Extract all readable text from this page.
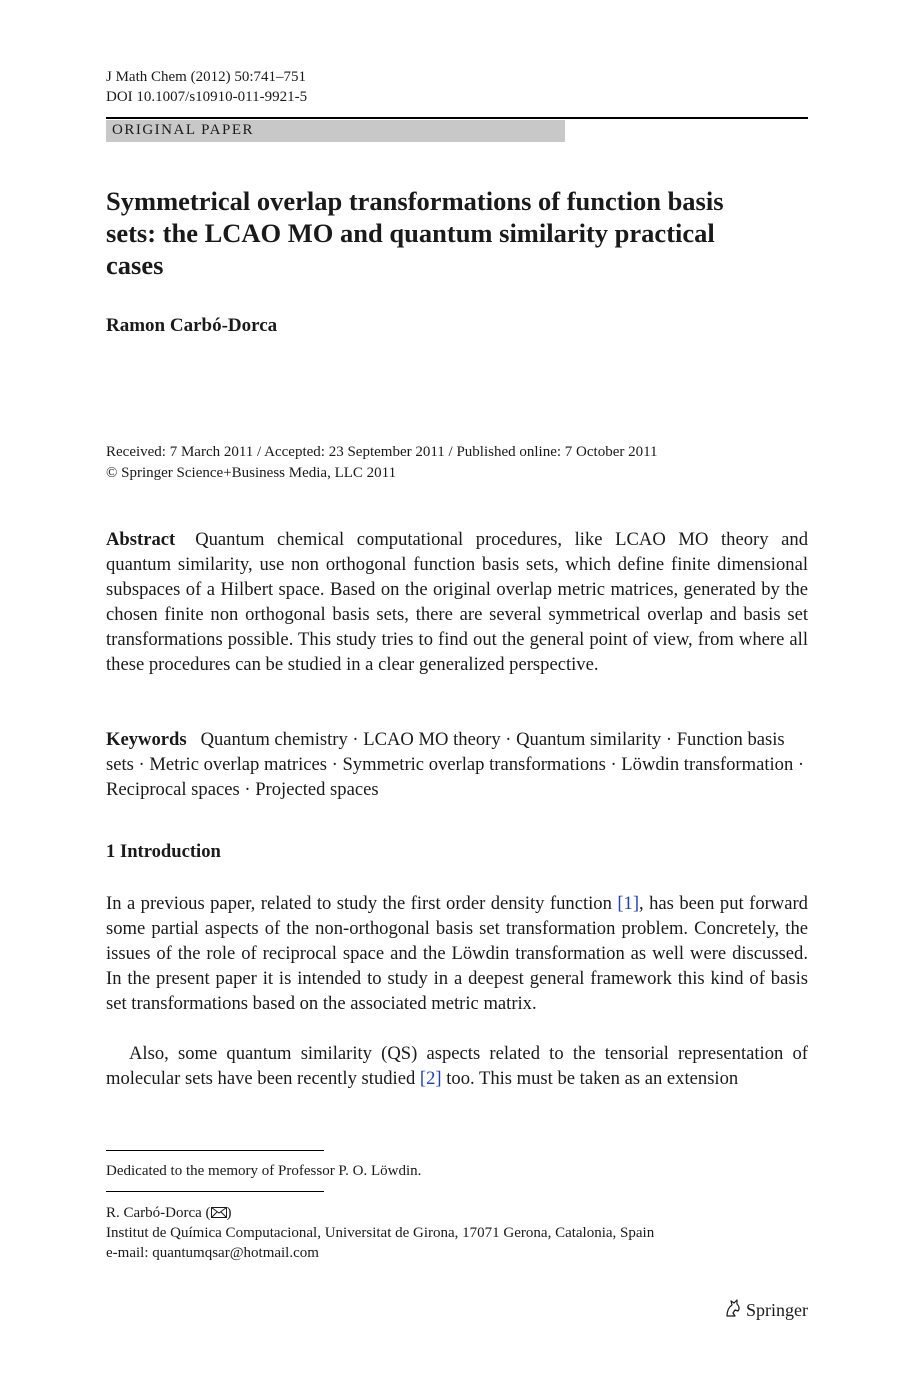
J Math Chem (2012) 50:741–751
DOI 10.1007/s10910-011-9921-5
ORIGINAL PAPER
Symmetrical overlap transformations of function basis sets: the LCAO MO and quantum similarity practical cases
Ramon Carbó-Dorca
Received: 7 March 2011 / Accepted: 23 September 2011 / Published online: 7 October 2011
© Springer Science+Business Media, LLC 2011
Abstract Quantum chemical computational procedures, like LCAO MO theory and quantum similarity, use non orthogonal function basis sets, which define finite dimensional subspaces of a Hilbert space. Based on the original overlap metric matrices, generated by the chosen finite non orthogonal basis sets, there are several symmetrical overlap and basis set transformations possible. This study tries to find out the general point of view, from where all these procedures can be studied in a clear generalized perspective.
Keywords Quantum chemistry · LCAO MO theory · Quantum similarity · Function basis sets · Metric overlap matrices · Symmetric overlap transformations · Löwdin transformation · Reciprocal spaces · Projected spaces
1 Introduction
In a previous paper, related to study the first order density function [1], has been put forward some partial aspects of the non-orthogonal basis set transformation problem. Concretely, the issues of the role of reciprocal space and the Löwdin transformation as well were discussed. In the present paper it is intended to study in a deepest general framework this kind of basis set transformations based on the associated metric matrix.
Also, some quantum similarity (QS) aspects related to the tensorial representation of molecular sets have been recently studied [2] too. This must be taken as an extension
Dedicated to the memory of Professor P. O. Löwdin.
R. Carbó-Dorca ( )
Institut de Química Computacional, Universitat de Girona, 17071 Gerona, Catalonia, Spain
e-mail: quantumqsar@hotmail.com
Springer
